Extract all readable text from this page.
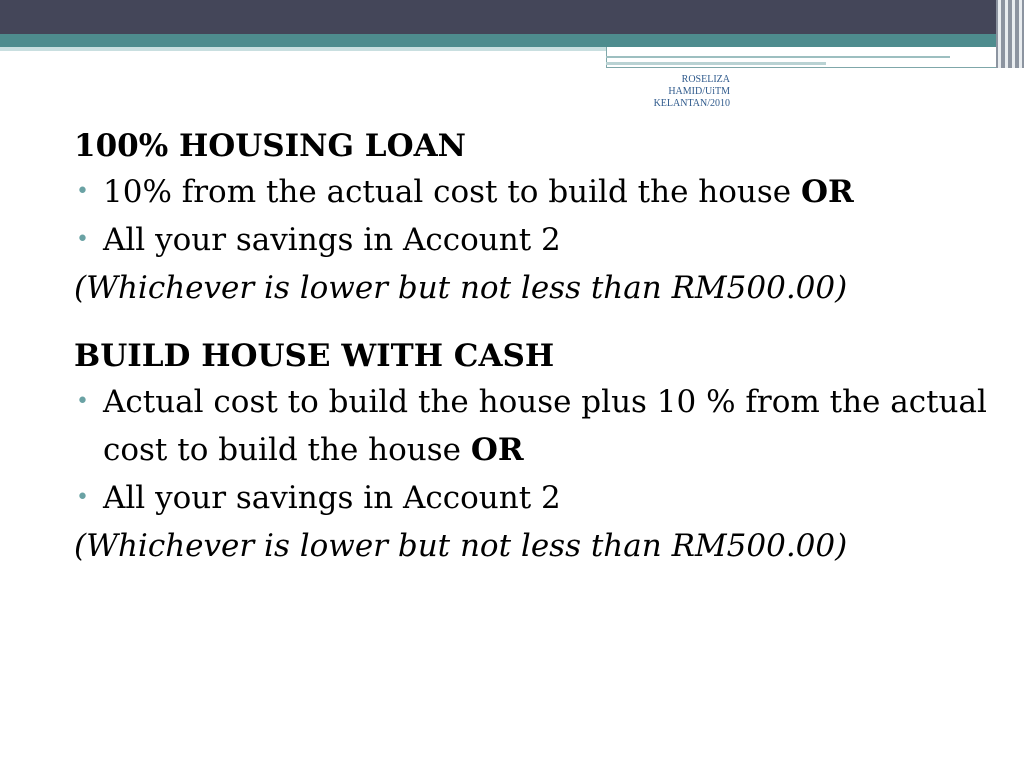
ROSELIZA
HAMID/UiTM
KELANTAN/2010

100% HOUSING LOAN

• 10% from the actual cost to build the house OR

• All your savings in Account 2

(Whichever is lower but not less than RM500.00)

BUILD HOUSE WITH CASH

• Actual cost to build the house plus 10 % from the actual cost to build the house OR

• All your savings in Account 2

(Whichever is lower but not less than RM500.00)
